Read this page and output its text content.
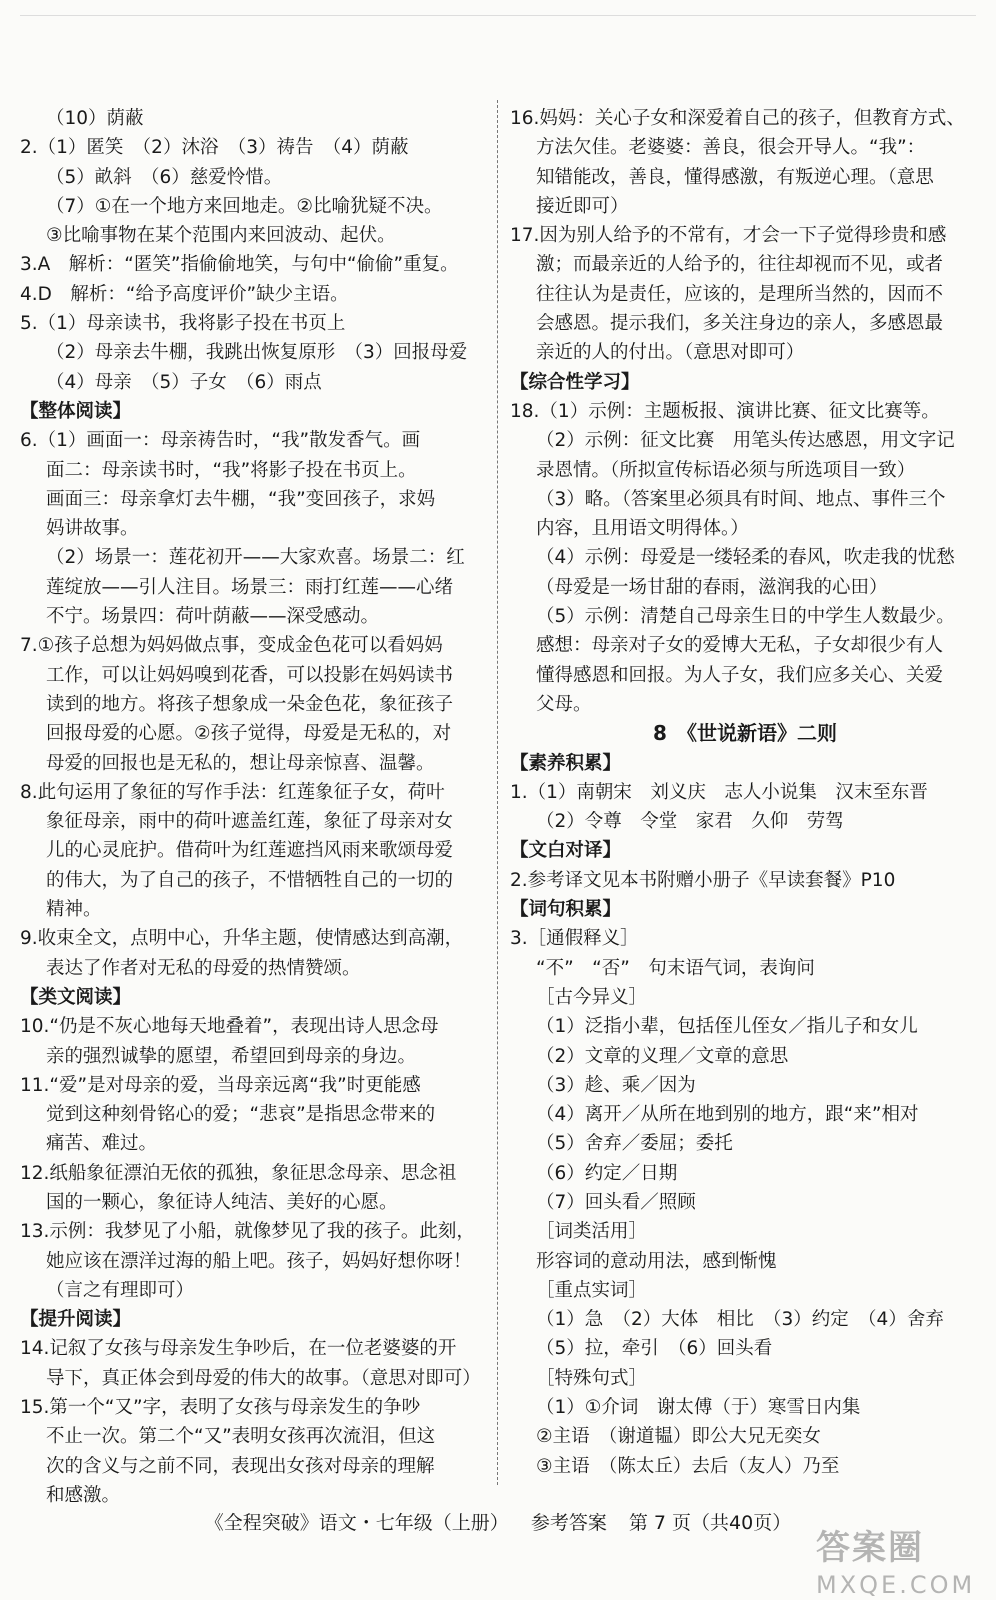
（10）荫蔽
2.（1）匿笑　（2）沐浴　（3）祷告　（4）荫蔽
（5）畝斜　（6）慈爱怜惜。
（7）①在一个地方来回地走。②比喻犹疑不决。
③比喻事物在某个范围内来回波动、起伏。
3.A　解析：“匿笑”指偷偷地笑，与句中“偷偷”重复。
4.D　解析：“给予高度评价”缺少主语。
5.（1）母亲读书，我将影子投在书页上
（2）母亲去牛棚，我跳出恢复原形　（3）回报母爱
（4）母亲　（5）子女　（6）雨点
【整体阅读】
6.（1）画面一：母亲祷告时，“我”散发香气。画
面二：母亲读书时，“我”将影子投在书页上。
画面三：母亲拿灯去牛棚，“我”变回孩子，求妈
妈讲故事。
（2）场景一：莲花初开——大家欢喜。场景二：红
莲绽放——引人注目。场景三：雨打红莲——心绪
不宁。场景四：荷叶荫蔽——深受感动。
7.①孩子总想为妈妈做点事，变成金色花可以看妈妈
工作，可以让妈妈嗅到花香，可以投影在妈妈读书
读到的地方。将孩子想象成一朵金色花，象征孩子
回报母爱的心愿。②孩子觉得，母爱是无私的，对
母爱的回报也是无私的，想让母亲惊喜、温馨。
8.此句运用了象征的写作手法：红莲象征子女，荷叶
象征母亲，雨中的荷叶遮盖红莲，象征了母亲对女
儿的心灵庇护。借荷叶为红莲遮挡风雨来歌颂母爱
的伟大，为了自己的孩子，不惜牺牲自己的一切的
精神。
9.收束全文，点明中心，升华主题，使情感达到高潮，
表达了作者对无私的母爱的热情赞颂。
【类文阅读】
10.“仍是不灰心地每天地叠着”，表现出诗人思念母
亲的强烈诚挚的愿望，希望回到母亲的身边。
11.“爱”是对母亲的爱，当母亲远离“我”时更能感
觉到这种刻骨铭心的爱；“悲哀”是指思念带来的
痛苦、难过。
12.纸船象征漂泊无依的孤独，象征思念母亲、思念祖
国的一颗心，象征诗人纯洁、美好的心愿。
13.示例：我梦见了小船，就像梦见了我的孩子。此刻，
她应该在漂洋过海的船上吧。孩子，妈妈好想你呀！
（言之有理即可）
【提升阅读】
14.记叙了女孩与母亲发生争吵后，在一位老婆婆的开
导下，真正体会到母爱的伟大的故事。（意思对即可）
15.第一个“又”字，表明了女孩与母亲发生的争吵
不止一次。第二个“又”表明女孩再次流泪，但这
次的含义与之前不同，表现出女孩对母亲的理解
和感激。
16.妈妈：关心子女和深爱着自己的孩子，但教育方式、
方法欠佳。老婆婆：善良，很会开导人。“我”：
知错能改，善良，懂得感激，有叛逆心理。（意思
接近即可）
17.因为别人给予的不常有，才会一下子觉得珍贵和感
激；而最亲近的人给予的，往往却视而不见，或者
往往认为是责任，应该的，是理所当然的，因而不
会感恩。提示我们，多关注身边的亲人，多感恩最
亲近的人的付出。（意思对即可）
【综合性学习】
18.（1）示例：主题板报、演讲比赛、征文比赛等。
（2）示例：征文比赛　用笔头传达感恩，用文字记
录恩情。（所拟宣传标语必须与所选项目一致）
（3）略。（答案里必须具有时间、地点、事件三个
内容，且用语文明得体。）
（4）示例：母爱是一缕轻柔的春风，吹走我的忧愁
（母爱是一场甘甜的春雨，滋润我的心田）
（5）示例：清楚自己母亲生日的中学生人数最少。
感想：母亲对子女的爱博大无私，子女却很少有人
懂得感恩和回报。为人子女，我们应多关心、关爱
父母。
8　《世说新语》二则
【素养积累】
1.（1）南朝宋　刘义庆　志人小说集　汉末至东晋
（2）令尊　令堂　家君　久仰　劳驾
【文白对译】
2.参考译文见本书附赠小册子《早读套餐》P10
【词句积累】
3.［通假释义］
“不”　“否”　句末语气词，表询问
［古今异义］
（1）泛指小辈，包括侄儿侄女／指儿子和女儿
（2）文章的义理／文章的意思
（3）趁、乘／因为
（4）离开／从所在地到别的地方，跟“来”相对
（5）舍弃／委屈；委托
（6）约定／日期
（7）回头看／照顾
［词类活用］
形容词的意动用法，感到惭愧
［重点实词］
（1）急　（2）大体　相比　（3）约定　（4）舍弃
（5）拉，牵引　（6）回头看
［特殊句式］
（1）①介词　谢太傅（于）寒雪日内集
②主语　（谢道韫）即公大兄无奕女
③主语　（陈太丘）去后（友人）乃至
《全程突破》语文・七年级（上册） 参考答案 第 7 页（共40页）
答案圈
MXQE.COM
